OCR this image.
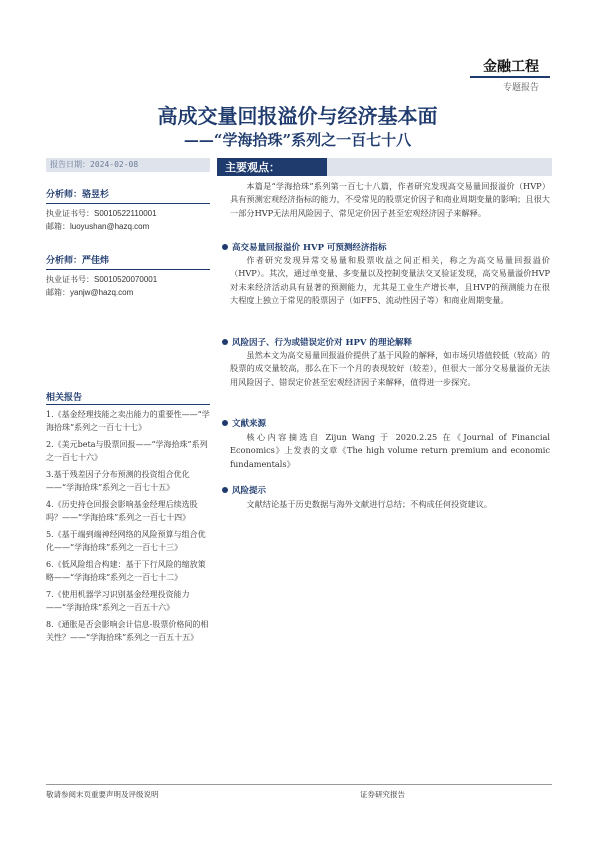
金融工程
专题报告
高成交量回报溢价与经济基本面
——“学海拾珠”系列之一百七十八
报告日期：2024-02-08
分析师：骆昱杉
执业证书号：S0010522110001
邮箱：luoyushan@hazq.com
分析师：严佳炜
执业证书号：S0010520070001
邮箱：yanjw@hazq.com
相关报告
1.《基金经理技能之卖出能力的重要性——“学海拾珠”系列之一百七十七》
2.《美元beta与股票回报——“学海拾珠”系列之一百七十六》
3.基于残差因子分布预测的投资组合优化——“学海拾珠”系列之一百七十五》
4.《历史持仓回报会影响基金经理后续选股吗？——“学海拾珠”系列之一百七十四》
5.《基于端到端神经网络的风险预算与组合优化——“学海拾珠”系列之一百七十三》
6.《低风险组合构建：基于下行风险的缩放策略——“学海拾珠”系列之一百七十二》
7.《使用机器学习识别基金经理投资能力——“学海拾珠”系列之一百五十六》
8.《通胀是否会影响会计信息-股票价格间的相关性？——“学海拾珠”系列之一百五十五》
主要观点：
本篇是“学海拾珠”系列第一百七十八篇，作者研究发现高交易量回报溢价（HVP）具有预测宏观经济指标的能力，不受常见的股票定价因子和商业周期变量的影响；且很大一部分HVP无法用风险因子、常见定价因子甚至宏观经济因子来解释。
高交易量回报溢价 HVP 可预测经济指标
作者研究发现异常交易量和股票收益之间正相关，称之为高交易量回报溢价（HVP）。其次，通过单变量、多变量以及控制变量法交叉验证发现，高交易量溢价HVP对未来经济活动具有显著的预测能力，尤其是工业生产增长率，且HVP的预测能力在很大程度上独立于常见的股票因子（如FF5、流动性因子等）和商业周期变量。
风险因子、行为或错误定价对 HPV 的理论解释
虽然本文为高交易量回报溢价提供了基于风险的解释，如市场贝塔值较低（较高）的股票的成交量较高，那么在下一个月的表现较好（较差），但很大一部分交易量溢价无法用风险因子、错误定价甚至宏观经济因子来解释，值得进一步探究。
文献来源
核心内容摘选自 Zijun Wang 于 2020.2.25 在《Journal of Financial Economics》上发表的文章《The high volume return premium and economic fundamentals》
风险提示
文献结论基于历史数据与海外文献进行总结；不构成任何投资建议。
敬请参阅末页重要声明及评级说明	证券研究报告
